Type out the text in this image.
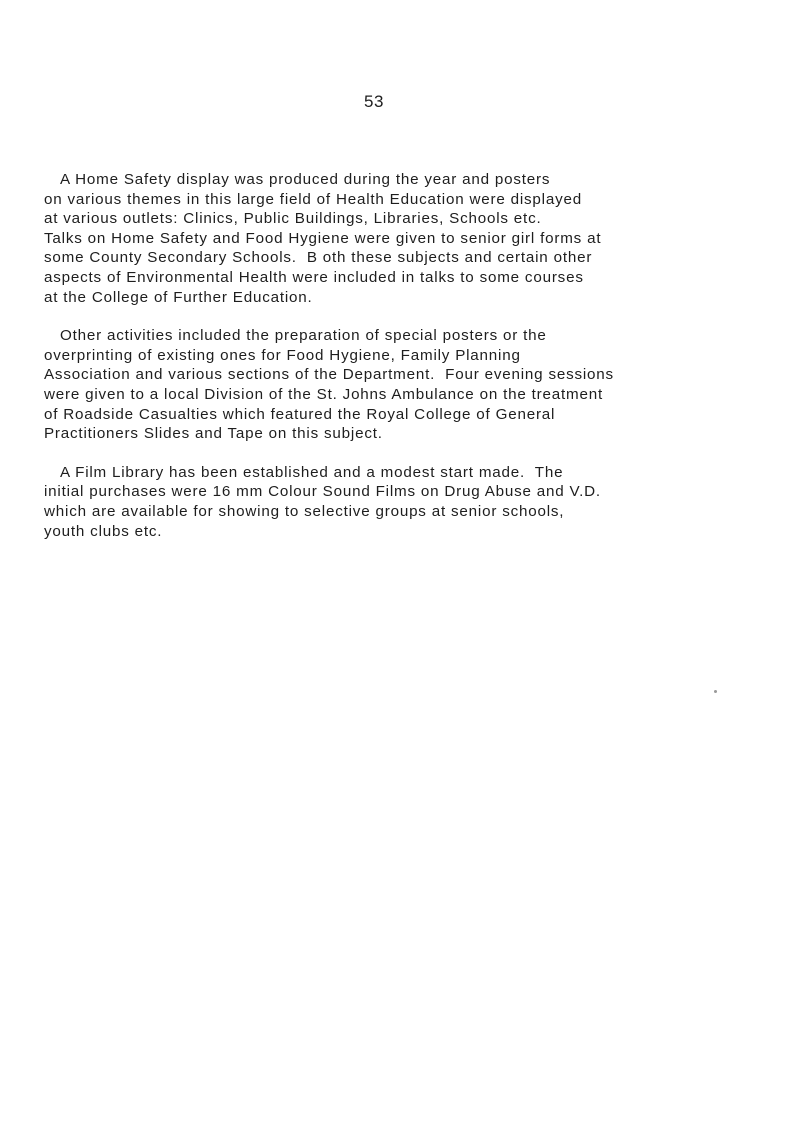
53
A Home Safety display was produced during the year and posters
on various themes in this large field of Health Education were displayed
at various outlets: Clinics, Public Buildings, Libraries, Schools etc.
Talks on Home Safety and Food Hygiene were given to senior girl forms at
some County Secondary Schools.  B oth these subjects and certain other
aspects of Environmental Health were included in talks to some courses
at the College of Further Education.
Other activities included the preparation of special posters or the
overprinting of existing ones for Food Hygiene, Family Planning
Association and various sections of the Department.  Four evening sessions
were given to a local Division of the St. Johns Ambulance on the treatment
of Roadside Casualties which featured the Royal College of General
Practitioners Slides and Tape on this subject.
A Film Library has been established and a modest start made.  The
initial purchases were 16 mm Colour Sound Films on Drug Abuse and V.D.
which are available for showing to selective groups at senior schools,
youth clubs etc.
